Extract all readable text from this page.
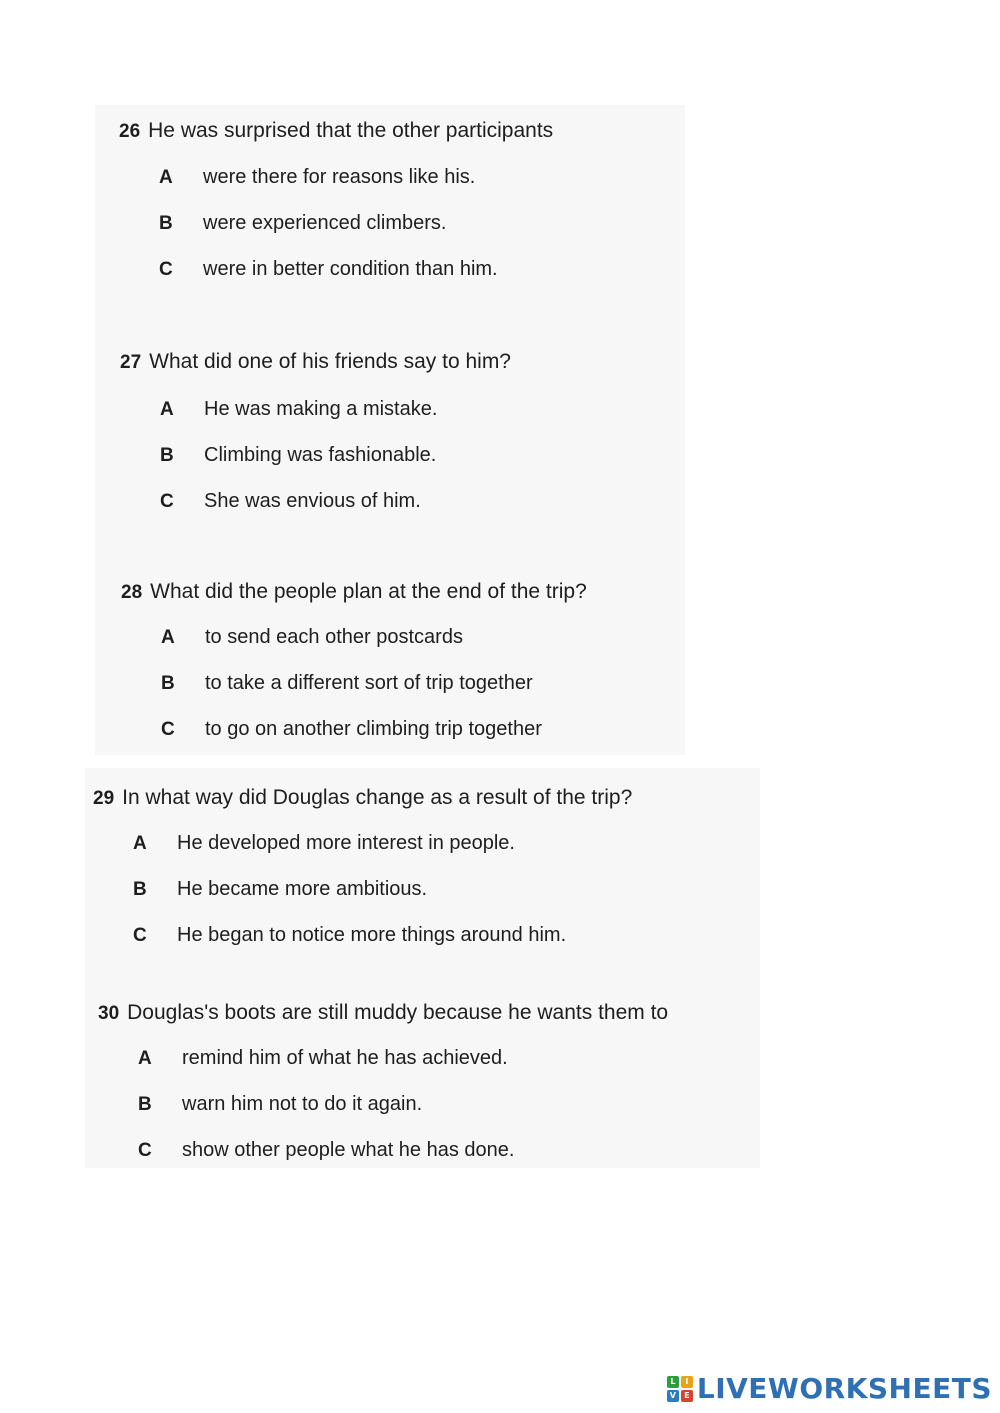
26 He was surprised that the other participants
A were there for reasons like his.
B were experienced climbers.
C were in better condition than him.
27 What did one of his friends say to him?
A He was making a mistake.
B Climbing was fashionable.
C She was envious of him.
28 What did the people plan at the end of the trip?
A to send each other postcards
B to take a different sort of trip together
C to go on another climbing trip together
29 In what way did Douglas change as a result of the trip?
A He developed more interest in people.
B He became more ambitious.
C He began to notice more things around him.
30 Douglas's boots are still muddy because he wants them to
A remind him of what he has achieved.
B warn him not to do it again.
C show other people what he has done.
L	I
V	E LIVEWORKSHEETS
